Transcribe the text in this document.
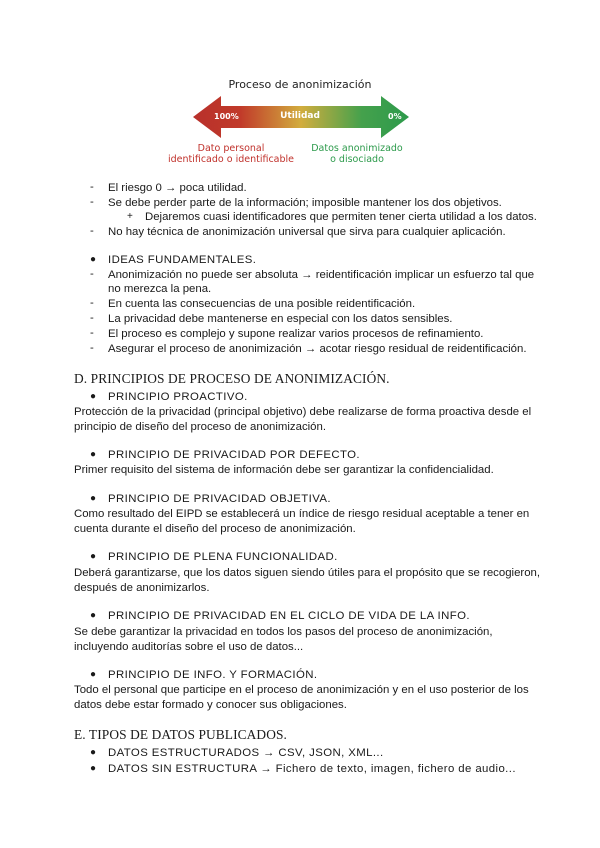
Proceso de anonimización
100%	Utilidad	0%
Dato personal
identificado o identificable
Datos anonimizado
o disociado
- El riesgo 0 → poca utilidad.
- Se debe perder parte de la información; imposible mantener los dos objetivos.
+ Dejaremos cuasi identificadores que permiten tener cierta utilidad a los datos.
- No hay técnica de anonimización universal que sirva para cualquier aplicación.
● IDEAS FUNDAMENTALES.
- Anonimización no puede ser absoluta → reidentificación implicar un esfuerzo tal que
no merezca la pena.
- En cuenta las consecuencias de una posible reidentificación.
- La privacidad debe mantenerse en especial con los datos sensibles.
- El proceso es complejo y supone realizar varios procesos de refinamiento.
- Asegurar el proceso de anonimización → acotar riesgo residual de reidentificación.
D. PRINCIPIOS DE PROCESO DE ANONIMIZACIÓN.
● PRINCIPIO PROACTIVO.
Protección de la privacidad (principal objetivo) debe realizarse de forma proactiva desde el
principio de diseño del proceso de anonimización.
● PRINCIPIO DE PRIVACIDAD POR DEFECTO.
Primer requisito del sistema de información debe ser garantizar la confidencialidad.
● PRINCIPIO DE PRIVACIDAD OBJETIVA.
Como resultado del EIPD se establecerá un índice de riesgo residual aceptable a tener en
cuenta durante el diseño del proceso de anonimización.
● PRINCIPIO DE PLENA FUNCIONALIDAD.
Deberá garantizarse, que los datos siguen siendo útiles para el propósito que se recogieron,
después de anonimizarlos.
● PRINCIPIO DE PRIVACIDAD EN EL CICLO DE VIDA DE LA INFO.
Se debe garantizar la privacidad en todos los pasos del proceso de anonimización,
incluyendo auditorías sobre el uso de datos...
● PRINCIPIO DE INFO. Y FORMACIÓN.
Todo el personal que participe en el proceso de anonimización y en el uso posterior de los
datos debe estar formado y conocer sus obligaciones.
E. TIPOS DE DATOS PUBLICADOS.
● DATOS ESTRUCTURADOS → CSV, JSON, XML...
● DATOS SIN ESTRUCTURA → Fichero de texto, imagen, fichero de audio...
